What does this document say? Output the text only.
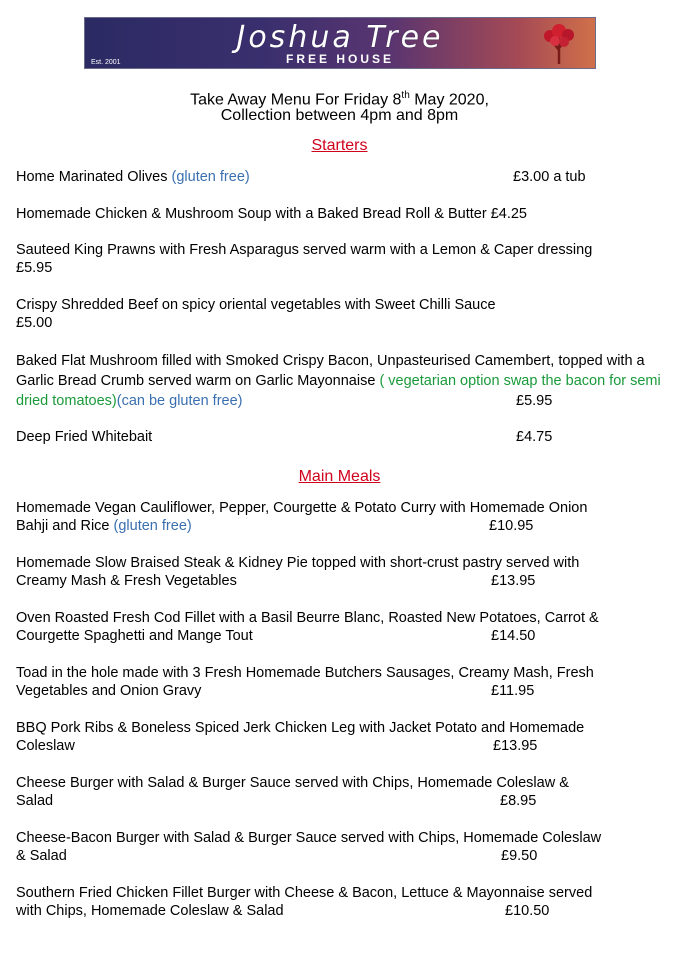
Joshua Tree
FREE HOUSE
Est. 2001
Take Away Menu For Friday 8th May 2020,
Collection between 4pm and 8pm
Starters
Home Marinated Olives (gluten free)	£3.00 a tub
Homemade Chicken & Mushroom Soup with a Baked Bread Roll & Butter £4.25
Sauteed King Prawns with Fresh Asparagus served warm with a Lemon & Caper dressing
£5.95
Crispy Shredded Beef on spicy oriental vegetables with Sweet Chilli Sauce
£5.00
Baked Flat Mushroom filled with Smoked Crispy Bacon, Unpasteurised Camembert, topped with a Garlic Bread Crumb served warm on Garlic Mayonnaise ( vegetarian option swap the bacon for semi dried tomatoes)(can be gluten free)	£5.95
Deep Fried Whitebait	£4.75
Main Meals
Homemade Vegan Cauliflower, Pepper, Courgette & Potato Curry with Homemade Onion
Bahji and Rice (gluten free)	£10.95
Homemade Slow Braised Steak & Kidney Pie topped with short-crust pastry served with
Creamy Mash & Fresh Vegetables	£13.95
Oven Roasted Fresh Cod Fillet with a Basil Beurre Blanc, Roasted New Potatoes, Carrot &
Courgette Spaghetti and Mange Tout	£14.50
Toad in the hole made with 3 Fresh Homemade Butchers Sausages, Creamy Mash, Fresh
Vegetables and Onion Gravy	£11.95
BBQ Pork Ribs & Boneless Spiced Jerk Chicken Leg with Jacket Potato and Homemade
Coleslaw	£13.95
Cheese Burger with Salad & Burger Sauce served with Chips, Homemade Coleslaw &
Salad	£8.95
Cheese-Bacon Burger with Salad & Burger Sauce served with Chips, Homemade Coleslaw
& Salad	£9.50
Southern Fried Chicken Fillet Burger with Cheese & Bacon, Lettuce & Mayonnaise served
with Chips, Homemade Coleslaw & Salad	£10.50
